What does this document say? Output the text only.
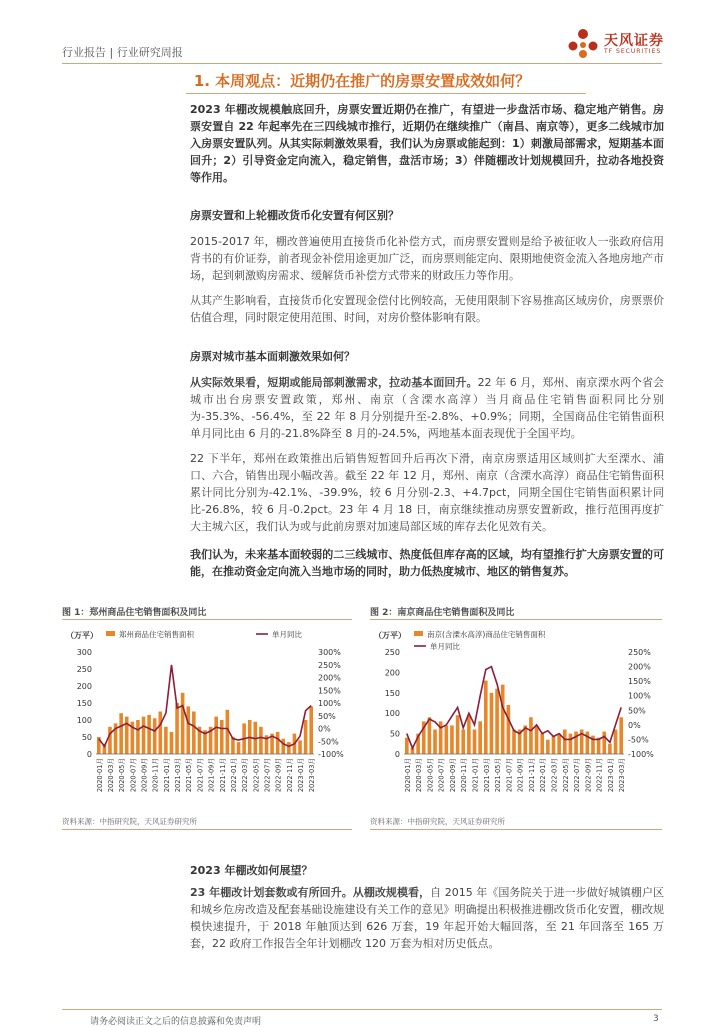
行业报告 | 行业研究周报
天风证券
TF SECURITIES
1. 本周观点：近期仍在推广的房票安置成效如何？
2023 年棚改规模触底回升，房票安置近期仍在推广，有望进一步盘活市场、稳定地产销售。房票安置自 22 年起率先在三四线城市推行，近期仍在继续推广（南昌、南京等），更多二线城市加入房票安置队列。从其实际刺激效果看，我们认为房票或能起到：1）刺激局部需求，短期基本面回升；2）引导资金定向流入，稳定销售，盘活市场；3）伴随棚改计划规模回升，拉动各地投资等作用。
房票安置和上轮棚改货币化安置有何区别？
2015-2017 年，棚改普遍使用直接货币化补偿方式，而房票安置则是给予被征收人一张政府信用背书的有价证券，前者现金补偿用途更加广泛，而房票则能定向、限期地使资金流入各地房地产市场，起到刺激购房需求、缓解货币补偿方式带来的财政压力等作用。
从其产生影响看，直接货币化安置现金偿付比例较高，无使用限制下容易推高区域房价，房票票价估值合理，同时限定使用范围、时间，对房价整体影响有限。
房票对城市基本面刺激效果如何？
从实际效果看，短期或能局部刺激需求，拉动基本面回升。22 年 6 月，郑州、南京溧水两个省会城市出台房票安置政策，郑州、南京（含溧水高淳）当月商品住宅销售面积同比分别为-35.3%、-56.4%，至 22 年 8 月分别提升至-2.8%、+0.9%；同期，全国商品住宅销售面积单月同比由 6 月的-21.8%降至 8 月的-24.5%，两地基本面表现优于全国平均。
22 下半年，郑州在政策推出后销售短暂回升后再次下滑，南京房票适用区域则扩大至溧水、浦口、六合，销售出现小幅改善。截至 22 年 12 月，郑州、南京（含溧水高淳）商品住宅销售面积累计同比分别为-42.1%、-39.9%，较 6 月分别-2.3、+4.7pct，同期全国住宅销售面积累计同比-26.8%，较 6 月-0.2pct。23 年 4 月 18 日，南京继续推动房票安置新政，推行范围再度扩大主城六区，我们认为或与此前房票对加速局部区域的库存去化见效有关。
我们认为，未来基本面较弱的二三线城市、热度低但库存高的区域，均有望推行扩大房票安置的可能，在推动资金定向流入当地市场的同时，助力低热度城市、地区的销售复苏。
图 1：郑州商品住宅销售面积及同比
（万平）	郑州商品住宅销售面积	单月同比
0
50
100
150
200
250
300
-100%
-50%
0%
50%
100%
150%
200%
250%
300%
2020-01月 2020-03月 2020-05月 2020-07月 2020-09月 2020-11月 2021-01月 2021-03月 2021-05月 2021-07月 2021-09月 2021-11月 2022-01月 2022-03月 2022-05月 2022-07月 2022-09月 2022-11月 2023-01月 2023-03月
资料来源：中指研究院，天风证券研究所
图 2：南京商品住宅销售面积及同比
（万平）	南京(含溧水高淳)商品住宅销售面积
单月同比
0
50
100
150
200
250
-100%
-50%
0%
50%
100%
150%
200%
250%
2020-01月 2020-03月 2020-05月 2020-07月 2020-09月 2020-11月 2021-01月 2021-03月 2021-05月 2021-07月 2021-09月 2021-11月 2022-01月 2022-03月 2022-05月 2022-07月 2022-09月 2022-11月 2023-01月 2023-03月
资料来源：中指研究院，天风证券研究所
2023 年棚改如何展望？
23 年棚改计划套数或有所回升。从棚改规模看，自 2015 年《国务院关于进一步做好城镇棚户区和城乡危房改造及配套基础设施建设有关工作的意见》明确提出积极推进棚改货币化安置，棚改规模快速提升，于 2018 年触顶达到 626 万套，19 年起开始大幅回落，至 21 年回落至 165 万套，22 政府工作报告全年计划棚改 120 万套为相对历史低点。
请务必阅读正文之后的信息披露和免责声明	3
